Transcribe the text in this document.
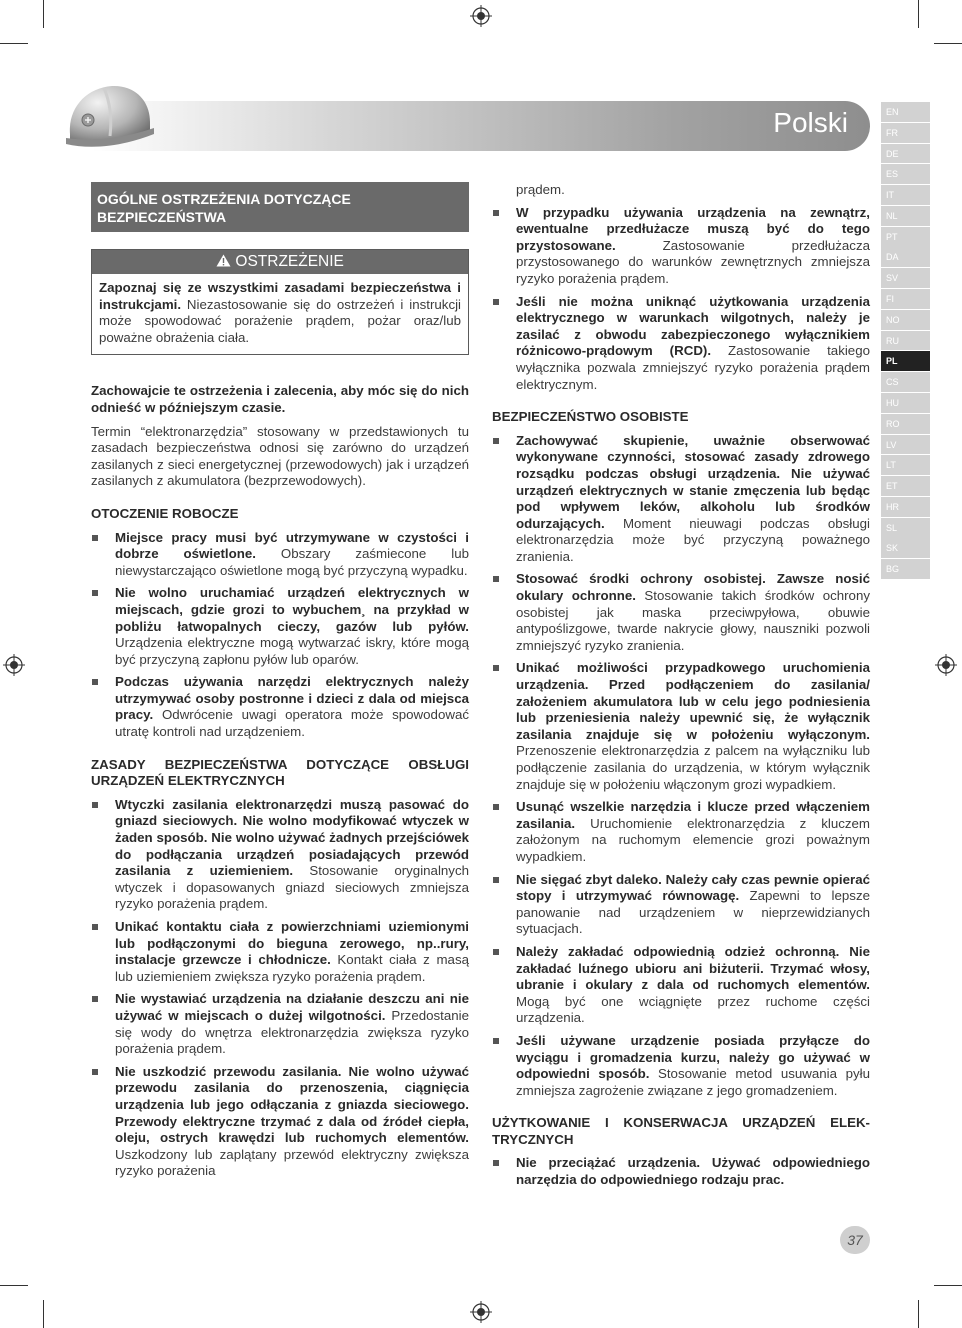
Polski	EN
FR
DE
ES
IT
NL
PT
DA
SV
FI
NO
RU
PL
CS
HU
RO
LV
LT
ET
HR
SL
SK
BG
OGÓLNE OSTRZEŻENIA DOTYCZĄCE BEZPIECZEŃSTWA
OSTRZEŻENIE

Zapoznaj się ze wszystkimi zasadami bezpieczeństwa i instrukcjami. Niezastosowanie się do ostrzeżeń i instrukcji może spowodować porażenie prądem, pożar oraz/lub poważne obrażenia ciała.

Zachowajcie te ostrzeżenia i zalecenia, aby móc się do nich odnieść w późniejszym czasie.

Termin “elektronarzędzia” stosowany w przedstawionych tu zasadach bezpieczeństwa odnosi się zarówno do urządzeń zasilanych z sieci energetycznej (przewodowych) jak i urządzeń zasilanych z akumulatora (bezprzewodowych).

OTOCZENIE ROBOCZE
Miejsce pracy musi być utrzymywane w czystości i dobrze oświetlone. Obszary zaśmiecone lub niewystarczająco oświetlone mogą być przyczyną wypadku.
Nie wolno uruchamiać urządzeń elektrycznych w miejscach, gdzie grozi to wybuchem¸ na przykład w pobliżu łatwopalnych cieczy, gazów lub pyłów. Urządzenia elektryczne mogą wytwarzać iskry, które mogą być przyczyną zapłonu pyłów lub oparów.
Podczas używania narzędzi elektrycznych należy utrzymywać osoby postronne i dzieci z dala od miejsca pracy. Odwrócenie uwagi operatora może spowodować utratę kontroli nad urządzeniem.
ZASADY BEZPIECZEŃSTWA DOTYCZĄCE OBSŁUGI URZĄDZEŃ ELEKTRYCZNYCH
Wtyczki zasilania elektronarzędzi muszą pasować do gniazd sieciowych. Nie wolno modyfikować wtyczek w żaden sposób. Nie wolno używać żadnych przejściówek do podłączania urządzeń posiadających przewód zasilania z uziemieniem. Stosowanie oryginalnych wtyczek i dopasowanych gniazd sieciowych zmniejsza ryzyko porażenia prądem.
Unikać kontaktu ciała z powierzchniami uziemionymi lub podłączonymi do bieguna zerowego, np..rury, instalacje grzewcze i chłodnicze. Kontakt ciała z masą lub uziemieniem zwiększa ryzyko porażenia prądem.
Nie wystawiać urządzenia na działanie deszczu ani nie używać w miejscach o dużej wilgotności. Przedostanie się wody do wnętrza elektronarzędzia zwiększa ryzyko porażenia prądem.
Nie uszkodzić przewodu zasilania. Nie wolno używać przewodu zasilania do przenoszenia, ciągnięcia urządzenia lub jego odłączania z gniazda sieciowego. Przewody elektryczne trzymać z dala od źródeł ciepła, oleju, ostrych krawędzi lub ruchomych elementów. Uszkodzony lub zaplątany przewód elektryczny zwiększa ryzyko porażenia

prądem.

W przypadku używania urządzenia na zewnątrz, ewentualne przedłużacze muszą być do tego przystosowane. Zastosowanie przedłużacza przystosowanego do warunków zewnętrznych zmniejsza ryzyko porażenia prądem.
Jeśli nie można uniknąć użytkowania urządzenia elektrycznego w warunkach wilgotnych, należy je zasilać z obwodu zabezpieczonego wyłącznikiem różnicowo-prądowym (RCD). Zastosowanie takiego wyłącznika pozwala zmniejszyć ryzyko porażenia prądem elektrycznym.
BEZPIECZEŃSTWO OSOBISTE
Zachowywać skupienie, uważnie obserwować wykonywane czynności, stosować zasady zdrowego rozsądku podczas obsługi urządzenia. Nie używać urządzeń elektrycznych w stanie zmęczenia lub będąc pod wpływem leków, alkoholu lub środków odurzających. Moment nieuwagi podczas obsługi elektronarzędzia może być przyczyną poważnego zranienia.
Stosować środki ochrony osobistej. Zawsze nosić okulary ochronne. Stosowanie takich środków ochrony osobistej jak maska przeciwpyłowa, obuwie antypoślizgowe, twarde nakrycie głowy, nauszniki pozwoli zmniejszyć ryzyko zranienia.
Unikać możliwości przypadkowego uruchomienia urządzenia. Przed podłączeniem do zasilania/ założeniem akumulatora lub w celu jego podniesienia lub przeniesienia należy upewnić się, że wyłącznik zasilania znajduje się w położeniu wyłączonym. Przenoszenie elektronarzędzia z palcem na wyłączniku lub podłączenie zasilania do urządzenia, w którym wyłącznik znajduje się w położeniu włączonym grozi wypadkiem.
Usunąć wszelkie narzędzia i klucze przed włączeniem zasilania. Uruchomienie elektronarzędzia z kluczem założonym na ruchomym elemencie grozi poważnym wypadkiem.
Nie sięgać zbyt daleko. Należy cały czas pewnie opierać stopy i utrzymywać równowagę. Zapewni to lepsze panowanie nad urządzeniem w nieprzewidzianych sytuacjach.
Należy zakładać odpowiednią odzież ochronną. Nie zakładać luźnego ubioru ani biżuterii. Trzymać włosy, ubranie i okulary z dala od ruchomych elementów. Mogą być one wciągnięte przez ruchome części urządzenia.
Jeśli używane urządzenie posiada przyłącze do wyciągu i gromadzenia kurzu, należy go używać w odpowiedni sposób. Stosowanie metod usuwania pyłu zmniejsza zagrożenie związane z jego gromadzeniem.
UŻYTKOWANIE I KONSERWACJA URZĄDZEŃ ELEK-TRYCZNYCH
Nie przeciążać urządzenia. Używać odpowiedniego narzędzia do odpowiedniego rodzaju prac.
37
